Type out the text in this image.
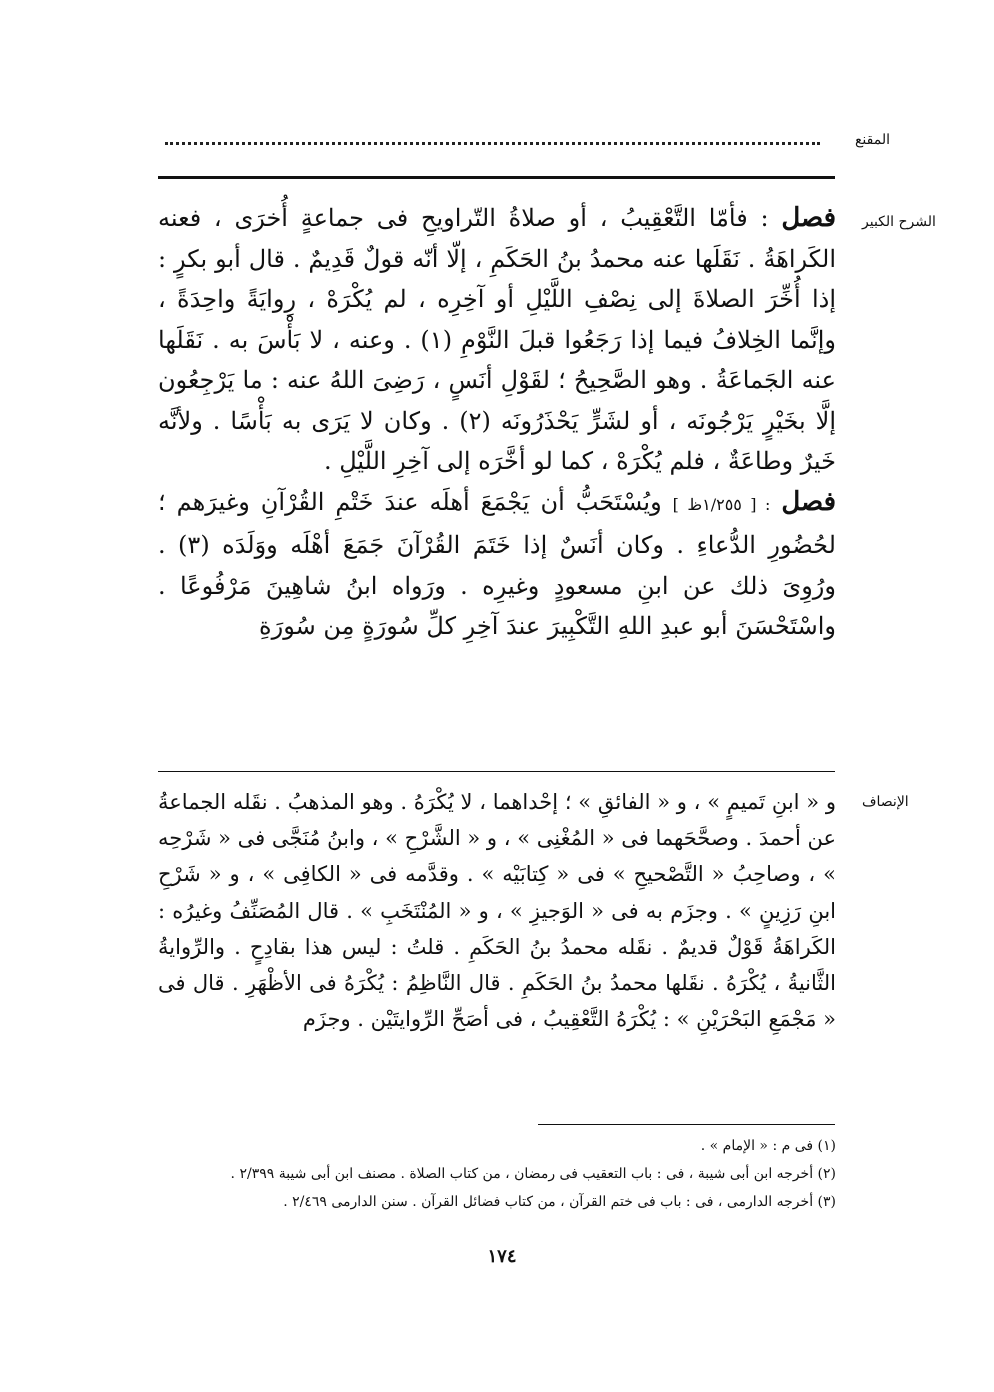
المقنع
الشرح الكبير

فصل : فأمّا التَّعْقِيبُ ، أو صلاةُ التّراويحِ فى جماعةٍ أُخرَى ، فعنه الكَراهَةُ . نَقَلَها عنه محمدُ بنُ الحَكَمِ ، إلّا أنّه قولٌ قَدِيمٌ . قال أبو بكرٍ : إذا أُخِّرَ الصلاةَ إلى نِصْفِ اللَّيْلِ أو آخِرِه ، لم يُكْرَهْ ، رِوايَةً واحِدَةً ، وإنَّما الخِلافُ فيما إذا رَجَعُوا قبلَ النَّوْمِ (١) . وعنه ، لا بَأْسَ به . نَقَلَها عنه الجَماعَةُ . وهو الصَّحِيحُ ؛ لقَوْلِ أنَسٍ ، رَضِىَ اللهُ عنه : ما يَرْجِعُون إلَّا بخَيْرٍ يَرْجُونَه ، أو لشَرٍّ يَحْذَرُونَه (٢) . وكان لا يَرَى به بَأْسًا . ولأنَّه خَيرٌ وطاعَةٌ ، فلم يُكْرَهْ ، كما لو أخَّرَه إلى آخِرِ اللَّيْلِ .

فصل : [ ١/٢٥٥ظ ] ويُسْتَحَبُّ أن يَجْمَعَ أهلَه عندَ خَتْمِ القُرْآنِ وغيرَهم ؛ لحُضُورِ الدُّعاءِ . وكان أنَسٌ إذا خَتَمَ القُرْآنَ جَمَعَ أهْلَه ووَلَدَه (٣) . ورُوِىَ ذلك عن ابنِ مسعودٍ وغيرِه . ورَواه ابنُ شاهِينَ مَرْفُوعًا . واسْتَحْسَنَ أبو عبدِ اللهِ التَّكْبِيرَ عندَ آخِرِ كلِّ سُورَةٍ مِن سُورَةِ

الإنصاف

و « ابنِ تَميمٍ » ، و « الفائقِ » ؛ إحْداهما ، لا يُكْرَهُ . وهو المذهبُ . نقَله الجماعةُ عن أحمدَ . وصحَّحَهما فى « المُغْنِى » ، و « الشَّرْحِ » ، وابنُ مُنَجَّى فى « شَرْحِه » ، وصاحِبُ « التَّصْحيحِ » فى « كِتابَيْه » . وقدَّمه فى « الكافِى » ، و « شَرْحِ ابنِ رَزِينٍ » . وجزَم به فى « الوَجيزِ » ، و « المُنْتَخَبِ » . قال المُصَنِّفُ وغيرُه : الكَراهَةُ قَوْلٌ قديمٌ . نقَله محمدُ بنُ الحَكَمِ . قلتُ : ليس هذا بقادِحٍ . والرِّوايةُ الثَّانيةُ ، يُكْرَهُ . نقَلها محمدُ بنُ الحَكَمِ . قال النَّاظِمُ : يُكْرَهُ فى الأظْهَرِ . قال فى « مَجْمَعِ البَحْرَيْنِ » : يُكْرَهُ التَّعْقِيبُ ، فى أصَحِّ الرِّوايتَيْن . وجزَم

(١) فى م : « الإمام » .
(٢) أخرجه ابن أبى شيبة ، فى : باب التعقيب فى رمضان ، من كتاب الصلاة . مصنف ابن أبى شيبة ٢/٣٩٩ .
(٣) أخرجه الدارمى ، فى : باب فى ختم القرآن ، من كتاب فضائل القرآن . سنن الدارمى ٢/٤٦٩ .
١٧٤
